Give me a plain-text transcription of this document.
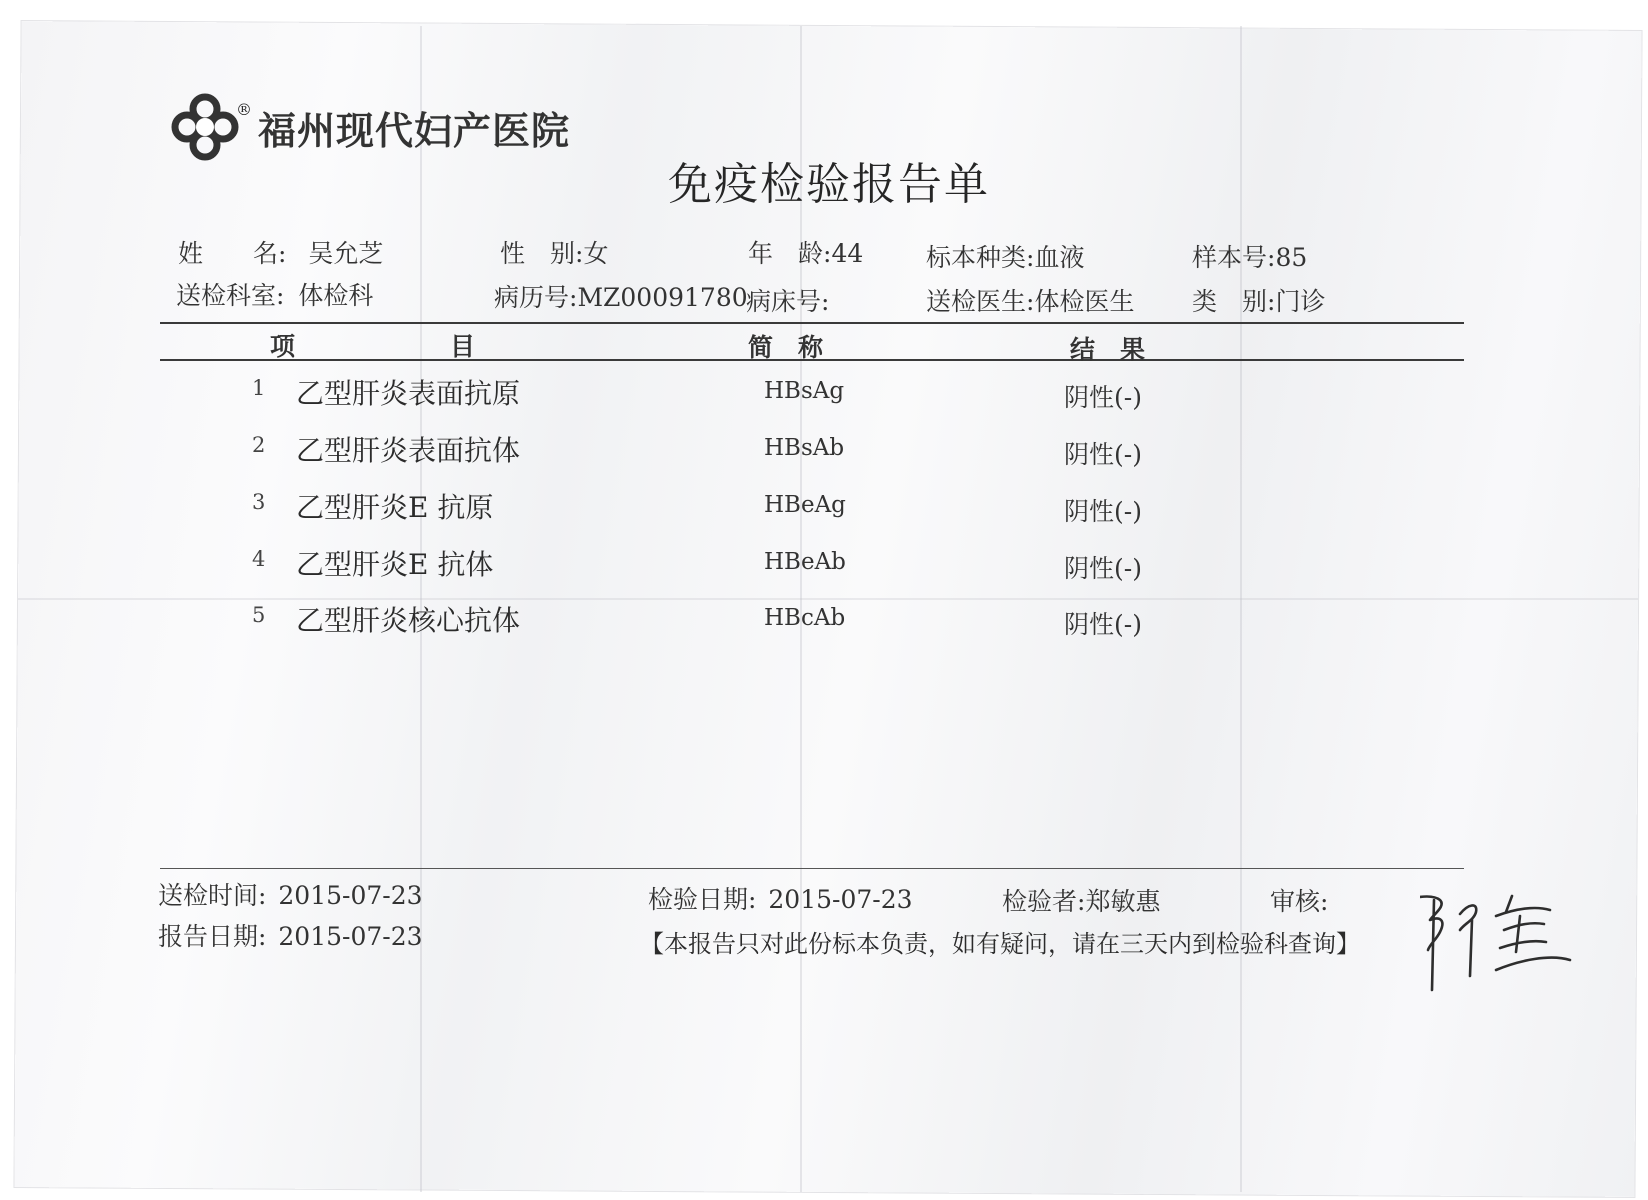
® 福州现代妇产医院
免疫检验报告单
姓　　名: 吴允芝	性　别:女	年　龄:44	标本种类:血液	样本号:85
送检科室: 体检科	病历号:MZ00091780
病床号:	送检医生:体检医生 类　别:门诊
项	目	简　称	结　果
1 乙型肝炎表面抗原	HBsAg	阴性(-)
2 乙型肝炎表面抗体	HBsAb	阴性(-)
3 乙型肝炎E 抗原	HBeAg	阴性(-)
4 乙型肝炎E 抗体	HBeAb	阴性(-)
5 乙型肝炎核心抗体	HBcAb	阴性(-)
送检时间: 2015-07-23
报告日期: 2015-07-23
检验日期: 2015-07-23	检验者:郑敏惠	审核:
【本报告只对此份标本负责，如有疑问，请在三天内到检验科查询】
